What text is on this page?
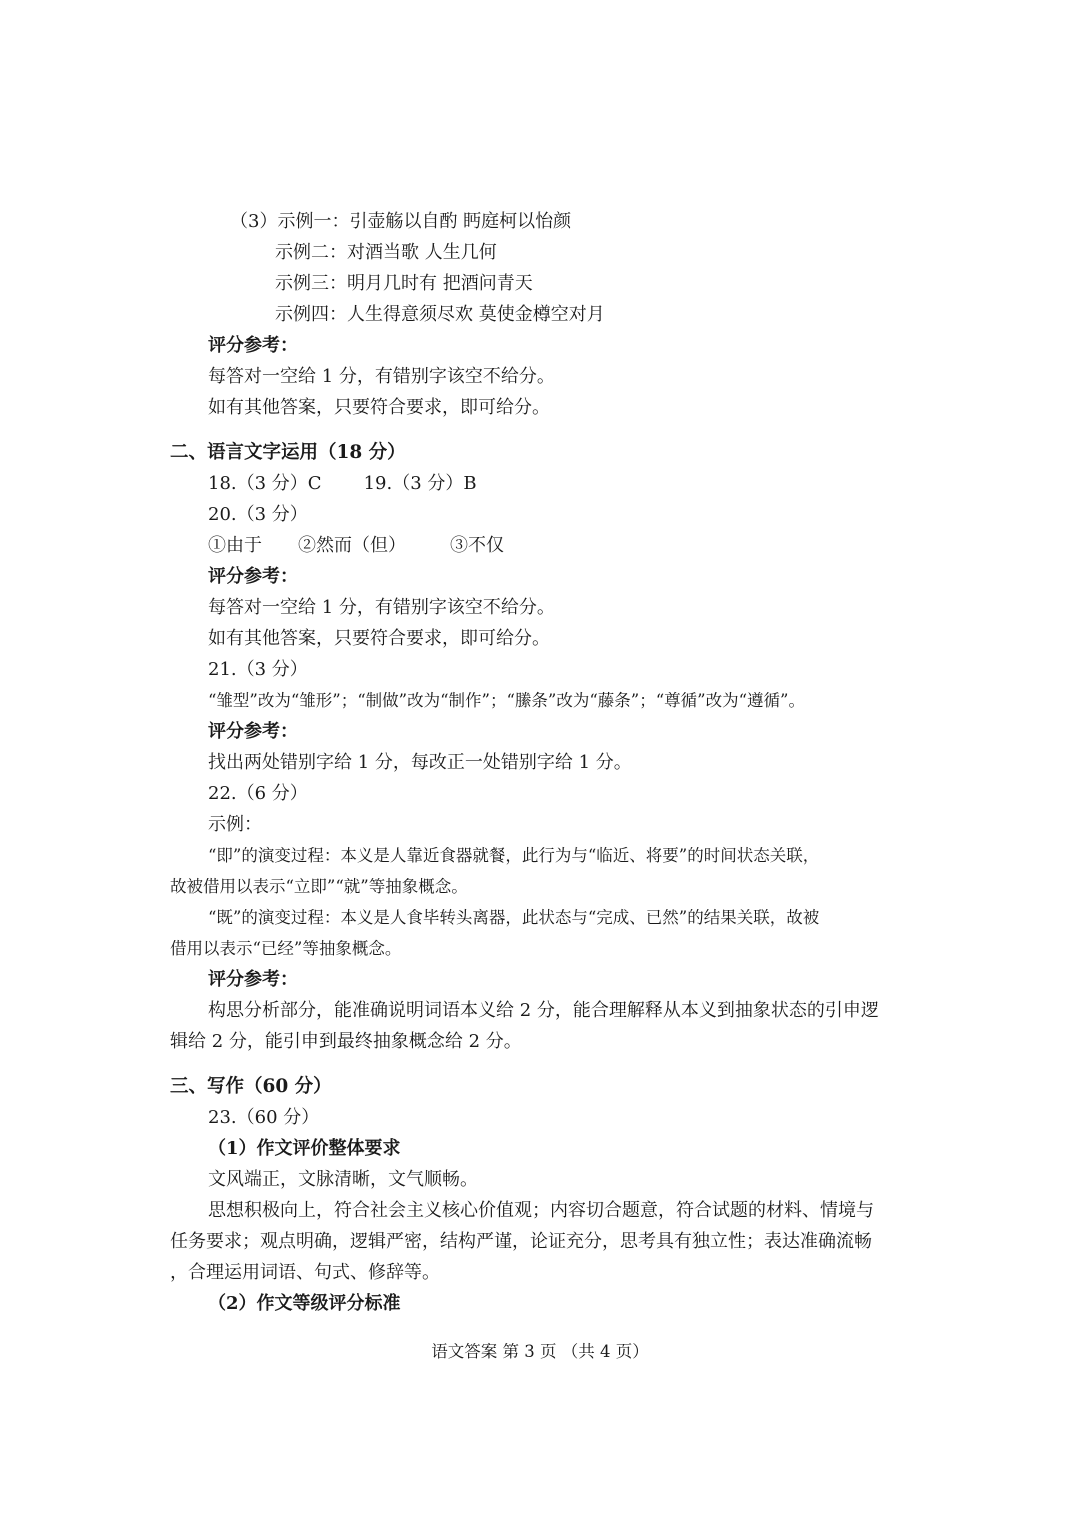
（3）示例一：引壶觞以自酌 眄庭柯以怡颜
示例二：对酒当歌 人生几何
示例三：明月几时有 把酒问青天
示例四：人生得意须尽欢 莫使金樽空对月
评分参考：
每答对一空给 1 分，有错别字该空不给分。
如有其他答案，只要符合要求，即可给分。
二、语言文字运用（18 分）
18.（3 分）C 19.（3 分）B
20.（3 分）
①由于 ②然而（但） ③不仅
评分参考：
每答对一空给 1 分，有错别字该空不给分。
如有其他答案，只要符合要求，即可给分。
21.（3 分）
“雏型”改为“雏形”；“制做”改为“制作”；“縢条”改为“藤条”；“尊循”改为“遵循”。
评分参考：
找出两处错别字给 1 分，每改正一处错别字给 1 分。
22.（6 分）
示例：
“即”的演变过程：本义是人靠近食器就餐，此行为与“临近、将要”的时间状态关联，
故被借用以表示“立即”“就”等抽象概念。
“既”的演变过程：本义是人食毕转头离器，此状态与“完成、已然”的结果关联，故被
借用以表示“已经”等抽象概念。
评分参考：
构思分析部分，能准确说明词语本义给 2 分，能合理解释从本义到抽象状态的引申逻
辑给 2 分，能引申到最终抽象概念给 2 分。
三、写作（60 分）
23.（60 分）
（1）作文评价整体要求
文风端正，文脉清晰，文气顺畅。
思想积极向上，符合社会主义核心价值观；内容切合题意，符合试题的材料、情境与
任务要求；观点明确，逻辑严密，结构严谨，论证充分，思考具有独立性；表达准确流畅
，合理运用词语、句式、修辞等。
（2）作文等级评分标准
语文答案 第 3 页 （共 4 页）
